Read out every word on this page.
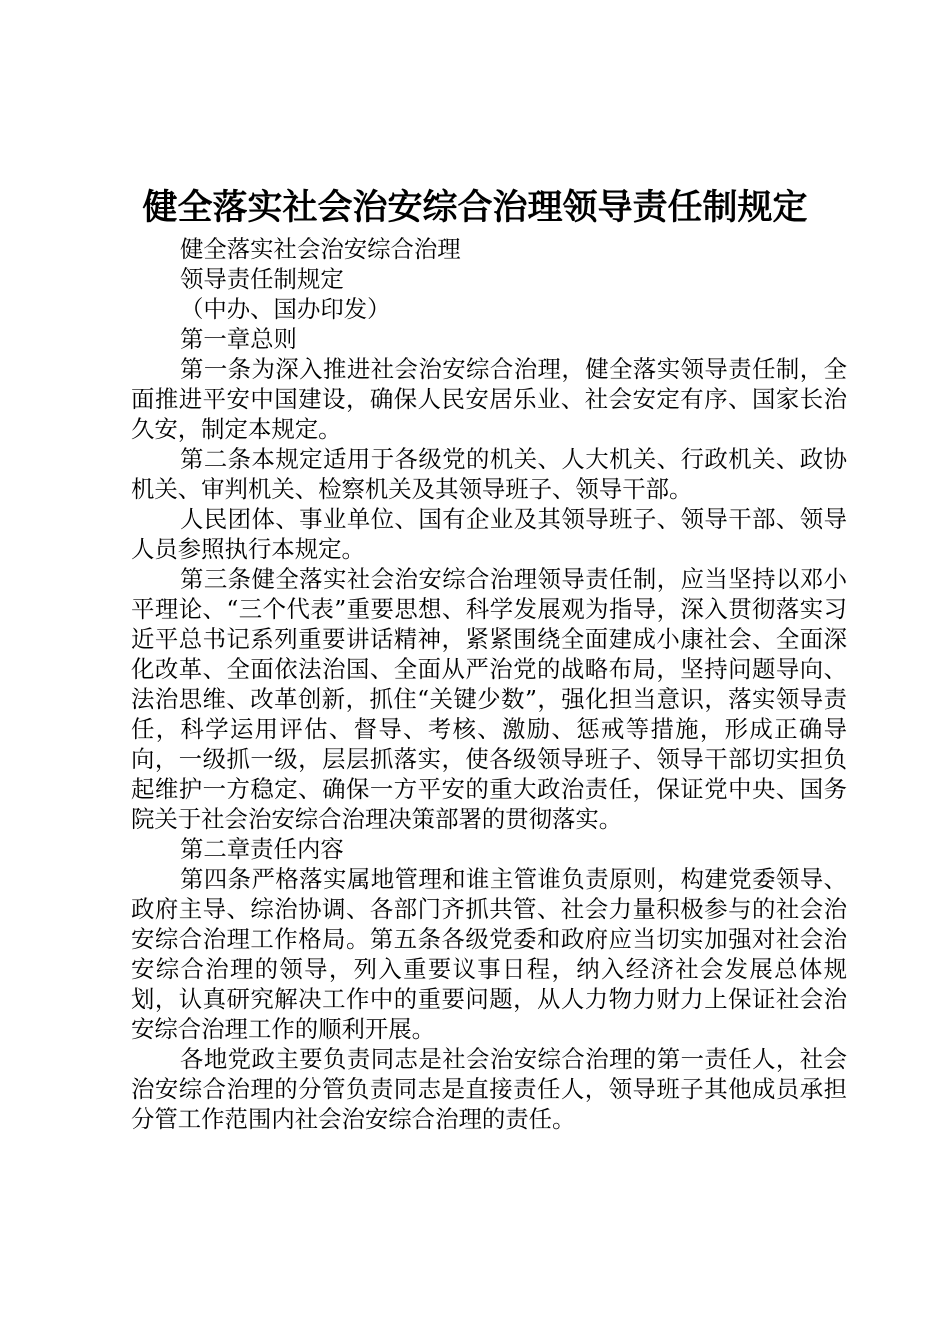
健全落实社会治安综合治理领导责任制规定

健全落实社会治安综合治理

领导责任制规定

（中办、国办印发）

第一章总则

第一条为深入推进社会治安综合治理，健全落实领导责任制，全面推进平安中国建设，确保人民安居乐业、社会安定有序、国家长治久安，制定本规定。

第二条本规定适用于各级党的机关、人大机关、行政机关、政协机关、审判机关、检察机关及其领导班子、领导干部。

人民团体、事业单位、国有企业及其领导班子、领导干部、领导人员参照执行本规定。

第三条健全落实社会治安综合治理领导责任制，应当坚持以邓小平理论、“三个代表”重要思想、科学发展观为指导，深入贯彻落实习近平总书记系列重要讲话精神，紧紧围绕全面建成小康社会、全面深化改革、全面依法治国、全面从严治党的战略布局，坚持问题导向、法治思维、改革创新，抓住“关键少数”，强化担当意识，落实领导责任，科学运用评估、督导、考核、激励、惩戒等措施，形成正确导向，一级抓一级，层层抓落实，使各级领导班子、领导干部切实担负起维护一方稳定、确保一方平安的重大政治责任，保证党中央、国务院关于社会治安综合治理决策部署的贯彻落实。

第二章责任内容

第四条严格落实属地管理和谁主管谁负责原则，构建党委领导、政府主导、综治协调、各部门齐抓共管、社会力量积极参与的社会治安综合治理工作格局。第五条各级党委和政府应当切实加强对社会治安综合治理的领导，列入重要议事日程，纳入经济社会发展总体规划，认真研究解决工作中的重要问题，从人力物力财力上保证社会治安综合治理工作的顺利开展。

各地党政主要负责同志是社会治安综合治理的第一责任人，社会治安综合治理的分管负责同志是直接责任人，领导班子其他成员承担分管工作范围内社会治安综合治理的责任。
